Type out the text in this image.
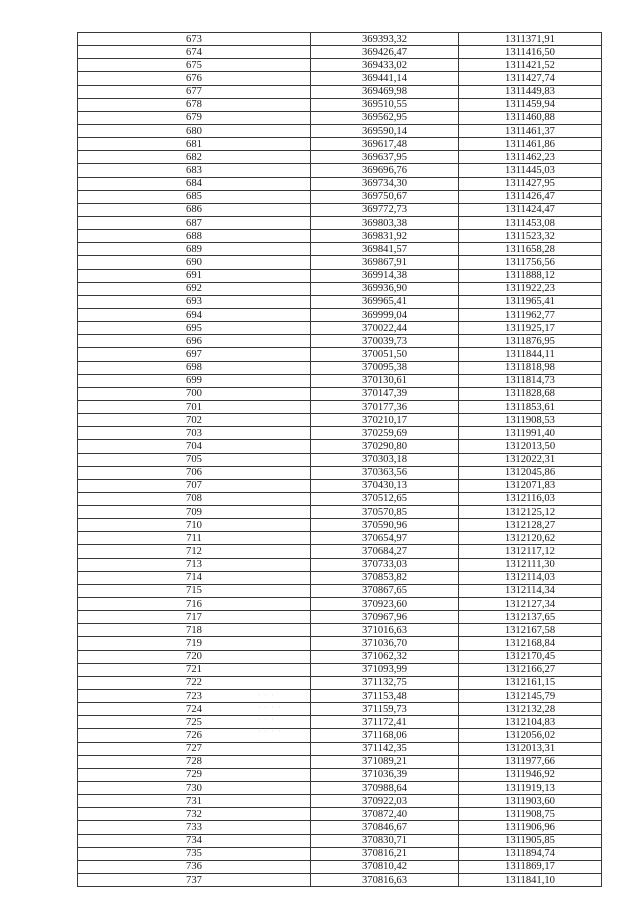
673	369393,32	1311371,91
674	369426,47	1311416,50
675	369433,02	1311421,52
676	369441,14	1311427,74
677	369469,98	1311449,83
678	369510,55	1311459,94
679	369562,95	1311460,88
680	369590,14	1311461,37
681	369617,48	1311461,86
682	369637,95	1311462,23
683	369696,76	1311445,03
684	369734,30	1311427,95
685	369750,67	1311426,47
686	369772,73	1311424,47
687	369803,38	1311453,08
688	369831,92	1311523,32
689	369841,57	1311658,28
690	369867,91	1311756,56
691	369914,38	1311888,12
692	369936,90	1311922,23
693	369965,41	1311965,41
694	369999,04	1311962,77
695	370022,44	1311925,17
696	370039,73	1311876,95
697	370051,50	1311844,11
698	370095,38	1311818,98
699	370130,61	1311814,73
700	370147,39	1311828,68
701	370177,36	1311853,61
702	370210,17	1311908,53
703	370259,69	1311991,40
704	370290,80	1312013,50
705	370303,18	1312022,31
706	370363,56	1312045,86
707	370430,13	1312071,83
708	370512,65	1312116,03
709	370570,85	1312125,12
710	370590,96	1312128,27
711	370654,97	1312120,62
712	370684,27	1312117,12
713	370733,03	1312111,30
714	370853,82	1312114,03
715	370867,65	1312114,34
716	370923,60	1312127,34
717	370967,96	1312137,65
718	371016,63	1312167,58
719	371036,70	1312168,84
720	371062,32	1312170,45
721	371093,99	1312166,27
722	371132,75	1312161,15
723	371153,48	1312145,79
724	371159,73	1312132,28
725	371172,41	1312104,83
726	371168,06	1312056,02
727	371142,35	1312013,31
728	371089,21	1311977,66
729	371036,39	1311946,92
730	370988,64	1311919,13
731	370922,03	1311903,60
732	370872,40	1311908,75
733	370846,67	1311906,96
734	370830,71	1311905,85
735	370816,21	1311894,74
736	370810,42	1311869,17
737	370816,63	1311841,10
· · ·
· · · ·
· · ·
· · · ·
· ·
